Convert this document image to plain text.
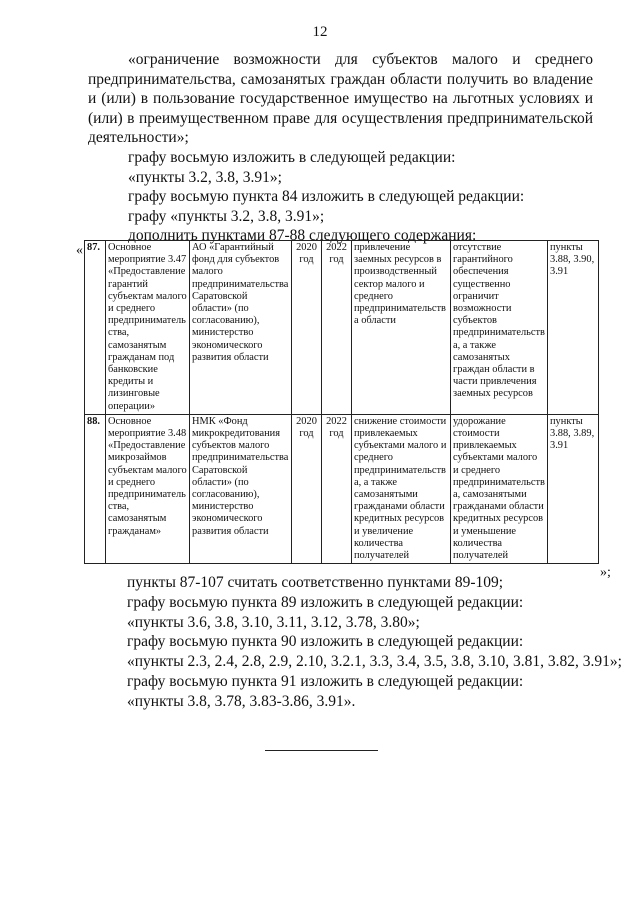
12

«ограничение возможности для субъектов малого и среднего предпринимательства, самозанятых граждан области получить во владение и (или) в пользование государственное имущество на льготных условиях и (или) в преимущественном праве для осуществления предпринимательской деятельности»;

графу восьмую изложить в следующей редакции:

«пункты 3.2, 3.8, 3.91»;

графу восьмую пункта 84 изложить в следующей редакции:

графу «пункты 3.2, 3.8, 3.91»;

дополнить пунктами 87-88 следующего содержания:

« 87.	Основное мероприятие 3.47 «Предоставление гарантий субъектам малого и среднего предпринимательства, самозанятым гражданам под банковские кредиты и лизинговые операции»	АО «Гарантийный фонд для субъектов малого предпринимательства Саратовской области» (по согласованию), министерство экономического развития области	2020 год	2022 год	привлечение заемных ресурсов в производственный сектор малого и среднего предпринимательства области	отсутствие гарантийного обеспечения существенно ограничит возможности субъектов предпринимательства, а также самозанятых граждан области в части привлечения заемных ресурсов	пункты 3.88, 3.90, 3.91
88.	Основное мероприятие 3.48 «Предоставление микрозаймов субъектам малого и среднего предпринимательства, самозанятым гражданам»	НМК «Фонд микрокредитования субъектов малого предпринимательства Саратовской области» (по согласованию), министерство экономического развития области	2020 год	2022 год	снижение стоимости привлекаемых субъектами малого и среднего предпринимательства, а также самозанятыми гражданами области кредитных ресурсов и увеличение количества получателей	удорожание стоимости привлекаемых субъектами малого и среднего предпринимательства, самозанятыми гражданами области кредитных ресурсов и уменьшение количества получателей	пункты 3.88, 3.89, 3.91
»;

пункты 87-107 считать соответственно пунктами 89-109;

графу восьмую пункта 89 изложить в следующей редакции:

«пункты 3.6, 3.8, 3.10, 3.11, 3.12, 3.78, 3.80»;

графу восьмую пункта 90 изложить в следующей редакции:

«пункты 2.3, 2.4, 2.8, 2.9, 2.10, 3.2.1, 3.3, 3.4, 3.5, 3.8, 3.10, 3.81, 3.82, 3.91»;

графу восьмую пункта 91 изложить в следующей редакции:

«пункты 3.8, 3.78, 3.83-3.86, 3.91».
